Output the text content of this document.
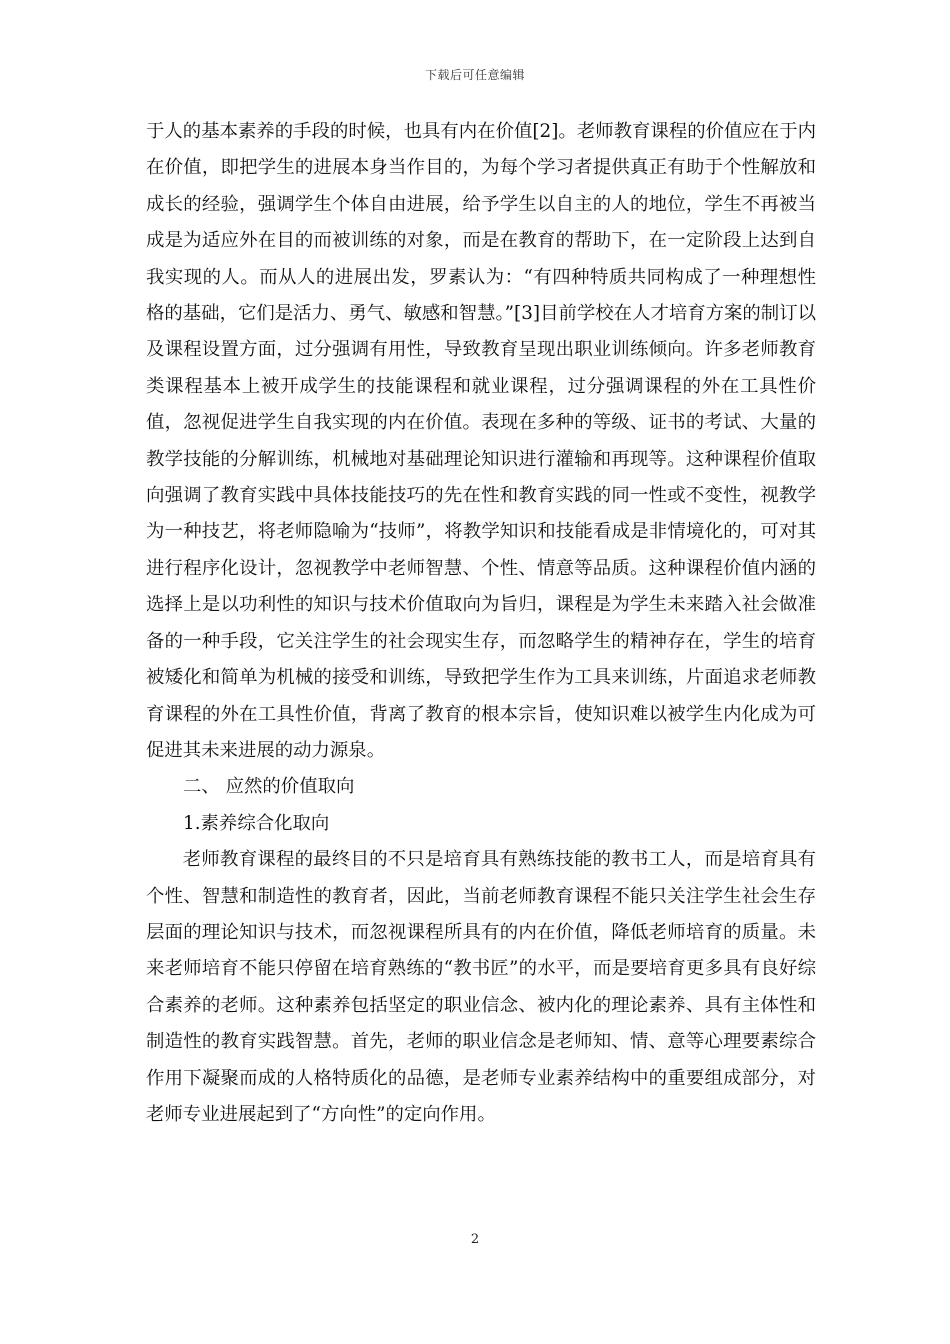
下载后可任意编辑

于人的基本素养的手段的时候，也具有内在价值[2]。老师教育课程的价值应在于内在价值，即把学生的进展本身当作目的，为每个学习者提供真正有助于个性解放和成长的经验，强调学生个体自由进展，给予学生以自主的人的地位，学生不再被当成是为适应外在目的而被训练的对象，而是在教育的帮助下，在一定阶段上达到自我实现的人。而从人的进展出发，罗素认为：“有四种特质共同构成了一种理想性格的基础，它们是活力、勇气、敏感和智慧。”[3]目前学校在人才培育方案的制订以及课程设置方面，过分强调有用性，导致教育呈现出职业训练倾向。许多老师教育类课程基本上被开成学生的技能课程和就业课程，过分强调课程的外在工具性价值，忽视促进学生自我实现的内在价值。表现在多种的等级、证书的考试、大量的教学技能的分解训练，机械地对基础理论知识进行灌输和再现等。这种课程价值取向强调了教育实践中具体技能技巧的先在性和教育实践的同一性或不变性，视教学为一种技艺，将老师隐喻为“技师”，将教学知识和技能看成是非情境化的，可对其进行程序化设计，忽视教学中老师智慧、个性、情意等品质。这种课程价值内涵的选择上是以功利性的知识与技术价值取向为旨归，课程是为学生未来踏入社会做准备的一种手段，它关注学生的社会现实生存，而忽略学生的精神存在，学生的培育被矮化和简单为机械的接受和训练，导致把学生作为工具来训练，片面追求老师教育课程的外在工具性价值，背离了教育的根本宗旨，使知识难以被学生内化成为可促进其未来进展的动力源泉。

二、 应然的价值取向

1.素养综合化取向

老师教育课程的最终目的不只是培育具有熟练技能的教书工人，而是培育具有个性、智慧和制造性的教育者，因此，当前老师教育课程不能只关注学生社会生存层面的理论知识与技术，而忽视课程所具有的内在价值，降低老师培育的质量。未来老师培育不能只停留在培育熟练的“教书匠”的水平，而是要培育更多具有良好综合素养的老师。这种素养包括坚定的职业信念、被内化的理论素养、具有主体性和制造性的教育实践智慧。首先，老师的职业信念是老师知、情、意等心理要素综合作用下凝聚而成的人格特质化的品德，是老师专业素养结构中的重要组成部分，对老师专业进展起到了“方向性”的定向作用。

2
